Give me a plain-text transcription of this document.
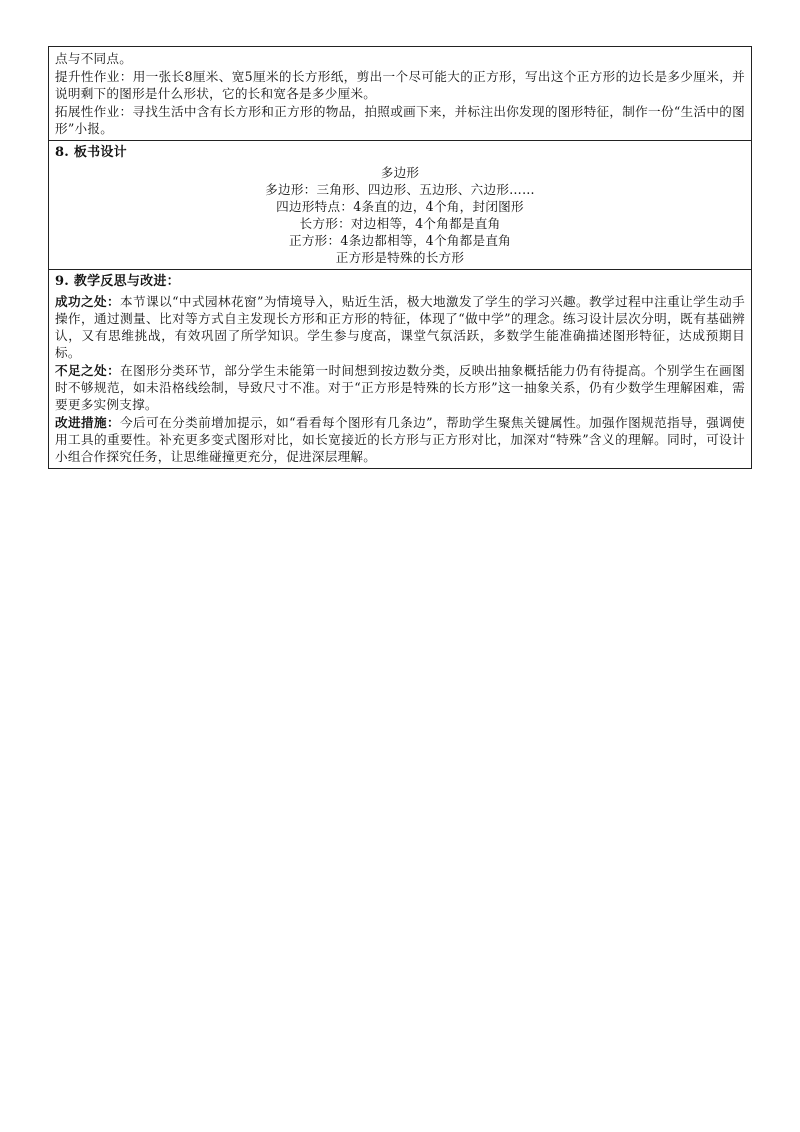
点与不同点。

提升性作业：用一张长8厘米、宽5厘米的长方形纸，剪出一个尽可能大的正方形，写出这个正方形的边长是多少厘米，并说明剩下的图形是什么形状，它的长和宽各是多少厘米。

拓展性作业：寻找生活中含有长方形和正方形的物品，拍照或画下来，并标注出你发现的图形特征，制作一份“生活中的图形”小报。

8. 板书设计

多边形
多边形：三角形、四边形、五边形、六边形……
四边形特点：4条直的边，4个角，封闭图形
长方形：对边相等，4个角都是直角
正方形：4条边都相等，4个角都是直角
正方形是特殊的长方形

9. 教学反思与改进：

成功之处：本节课以“中式园林花窗”为情境导入，贴近生活，极大地激发了学生的学习兴趣。教学过程中注重让学生动手操作，通过测量、比对等方式自主发现长方形和正方形的特征，体现了“做中学”的理念。练习设计层次分明，既有基础辨认，又有思维挑战，有效巩固了所学知识。学生参与度高，课堂气氛活跃，多数学生能准确描述图形特征，达成预期目标。

不足之处：在图形分类环节，部分学生未能第一时间想到按边数分类，反映出抽象概括能力仍有待提高。个别学生在画图时不够规范，如未沿格线绘制，导致尺寸不准。对于“正方形是特殊的长方形”这一抽象关系，仍有少数学生理解困难，需要更多实例支撑。

改进措施：今后可在分类前增加提示，如“看看每个图形有几条边”，帮助学生聚焦关键属性。加强作图规范指导，强调使用工具的重要性。补充更多变式图形对比，如长宽接近的长方形与正方形对比，加深对“特殊”含义的理解。同时，可设计小组合作探究任务，让思维碰撞更充分，促进深层理解。
